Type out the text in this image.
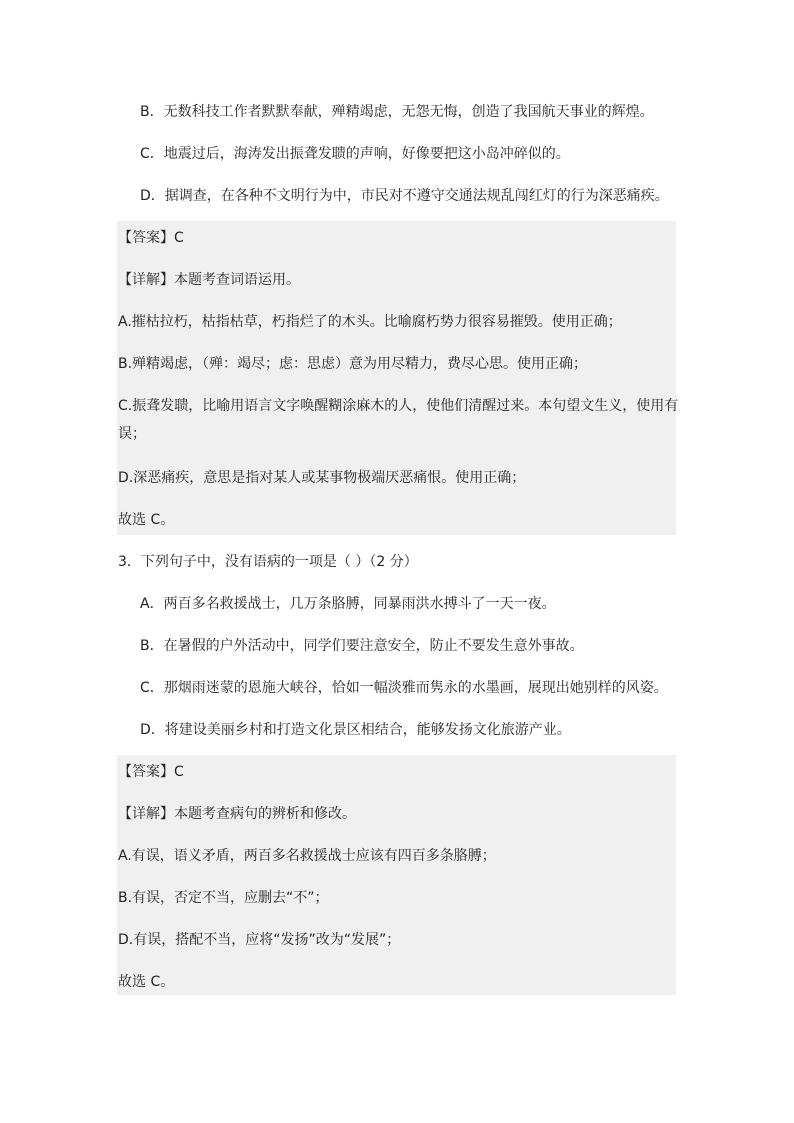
B．无数科技工作者默默奉献，殚精竭虑，无怨无悔，创造了我国航天事业的辉煌。
C．地震过后，海涛发出振聋发聩的声响，好像要把这小岛冲碎似的。
D．据调查，在各种不文明行为中，市民对不遵守交通法规乱闯红灯的行为深恶痛疾。
【答案】C
【详解】本题考查词语运用。
A.摧枯拉朽，枯指枯草，朽指烂了的木头。比喻腐朽势力很容易摧毁。使用正确；
B.殚精竭虑，（殚：竭尽；虑：思虑）意为用尽精力，费尽心思。使用正确；
C.振聋发聩，比喻用语言文字唤醒糊涂麻木的人，使他们清醒过来。本句望文生义，使用有
误；
D.深恶痛疾，意思是指对某人或某事物极端厌恶痛恨。使用正确；
故选 C。
3．下列句子中，没有语病的一项是（ ）（2 分）
A．两百多名救援战士，几万条胳膊，同暴雨洪水搏斗了一天一夜。
B．在暑假的户外活动中，同学们要注意安全，防止不要发生意外事故。
C．那烟雨迷蒙的恩施大峡谷，恰如一幅淡雅而隽永的水墨画，展现出她别样的风姿。
D．将建设美丽乡村和打造文化景区相结合，能够发扬文化旅游产业。
【答案】C
【详解】本题考查病句的辨析和修改。
A.有误，语义矛盾，两百多名救援战士应该有四百多条胳膊；
B.有误，否定不当，应删去“不”；
D.有误，搭配不当，应将“发扬”改为“发展”；
故选 C。
